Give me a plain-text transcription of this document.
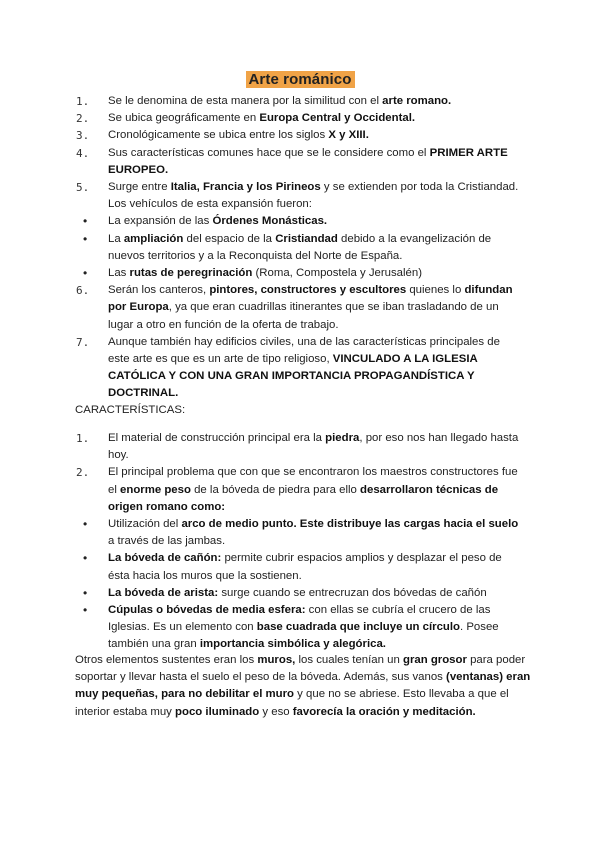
Arte románico
1. Se le denomina de esta manera por la similitud con el arte romano.
2. Se ubica geográficamente en Europa Central y Occidental.
3. Cronológicamente se ubica entre los siglos X y XIII.
4. Sus características comunes hace que se le considere como el PRIMER ARTE EUROPEO.
5. Surge entre Italia, Francia y los Pirineos y se extienden por toda la Cristiandad. Los vehículos de esta expansión fueron:
• La expansión de las Órdenes Monásticas.
• La ampliación del espacio de la Cristiandad debido a la evangelización de nuevos territorios y a la Reconquista del Norte de España.
• Las rutas de peregrinación (Roma, Compostela y Jerusalén)
6. Serán los canteros, pintores, constructores y escultores quienes lo difundan por Europa, ya que eran cuadrillas itinerantes que se iban trasladando de un lugar a otro en función de la oferta de trabajo.
7. Aunque también hay edificios civiles, una de las características principales de este arte es que es un arte de tipo religioso, VINCULADO A LA IGLESIA CATÓLICA Y CON UNA GRAN IMPORTANCIA PROPAGANDÍSTICA Y DOCTRINAL.
CARACTERÍSTICAS:
1. El material de construcción principal era la piedra, por eso nos han llegado hasta hoy.
2. El principal problema que con que se encontraron los maestros constructores fue el enorme peso de la bóveda de piedra para ello desarrollaron técnicas de origen romano como:
• Utilización del arco de medio punto. Este distribuye las cargas hacia el suelo a través de las jambas.
• La bóveda de cañón: permite cubrir espacios amplios y desplazar el peso de ésta hacia los muros que la sostienen.
• La bóveda de arista: surge cuando se entrecruzan dos bóvedas de cañón
• Cúpulas o bóvedas de media esfera: con ellas se cubría el crucero de las Iglesias. Es un elemento con base cuadrada que incluye un círculo. Posee también una gran importancia simbólica y alegórica.
Otros elementos sustentes eran los muros, los cuales tenían un gran grosor para poder soportar y llevar hasta el suelo el peso de la bóveda. Además, sus vanos (ventanas) eran muy pequeñas, para no debilitar el muro y que no se abriese. Esto llevaba a que el interior estaba muy poco iluminado y eso favorecía la oración y meditación.
